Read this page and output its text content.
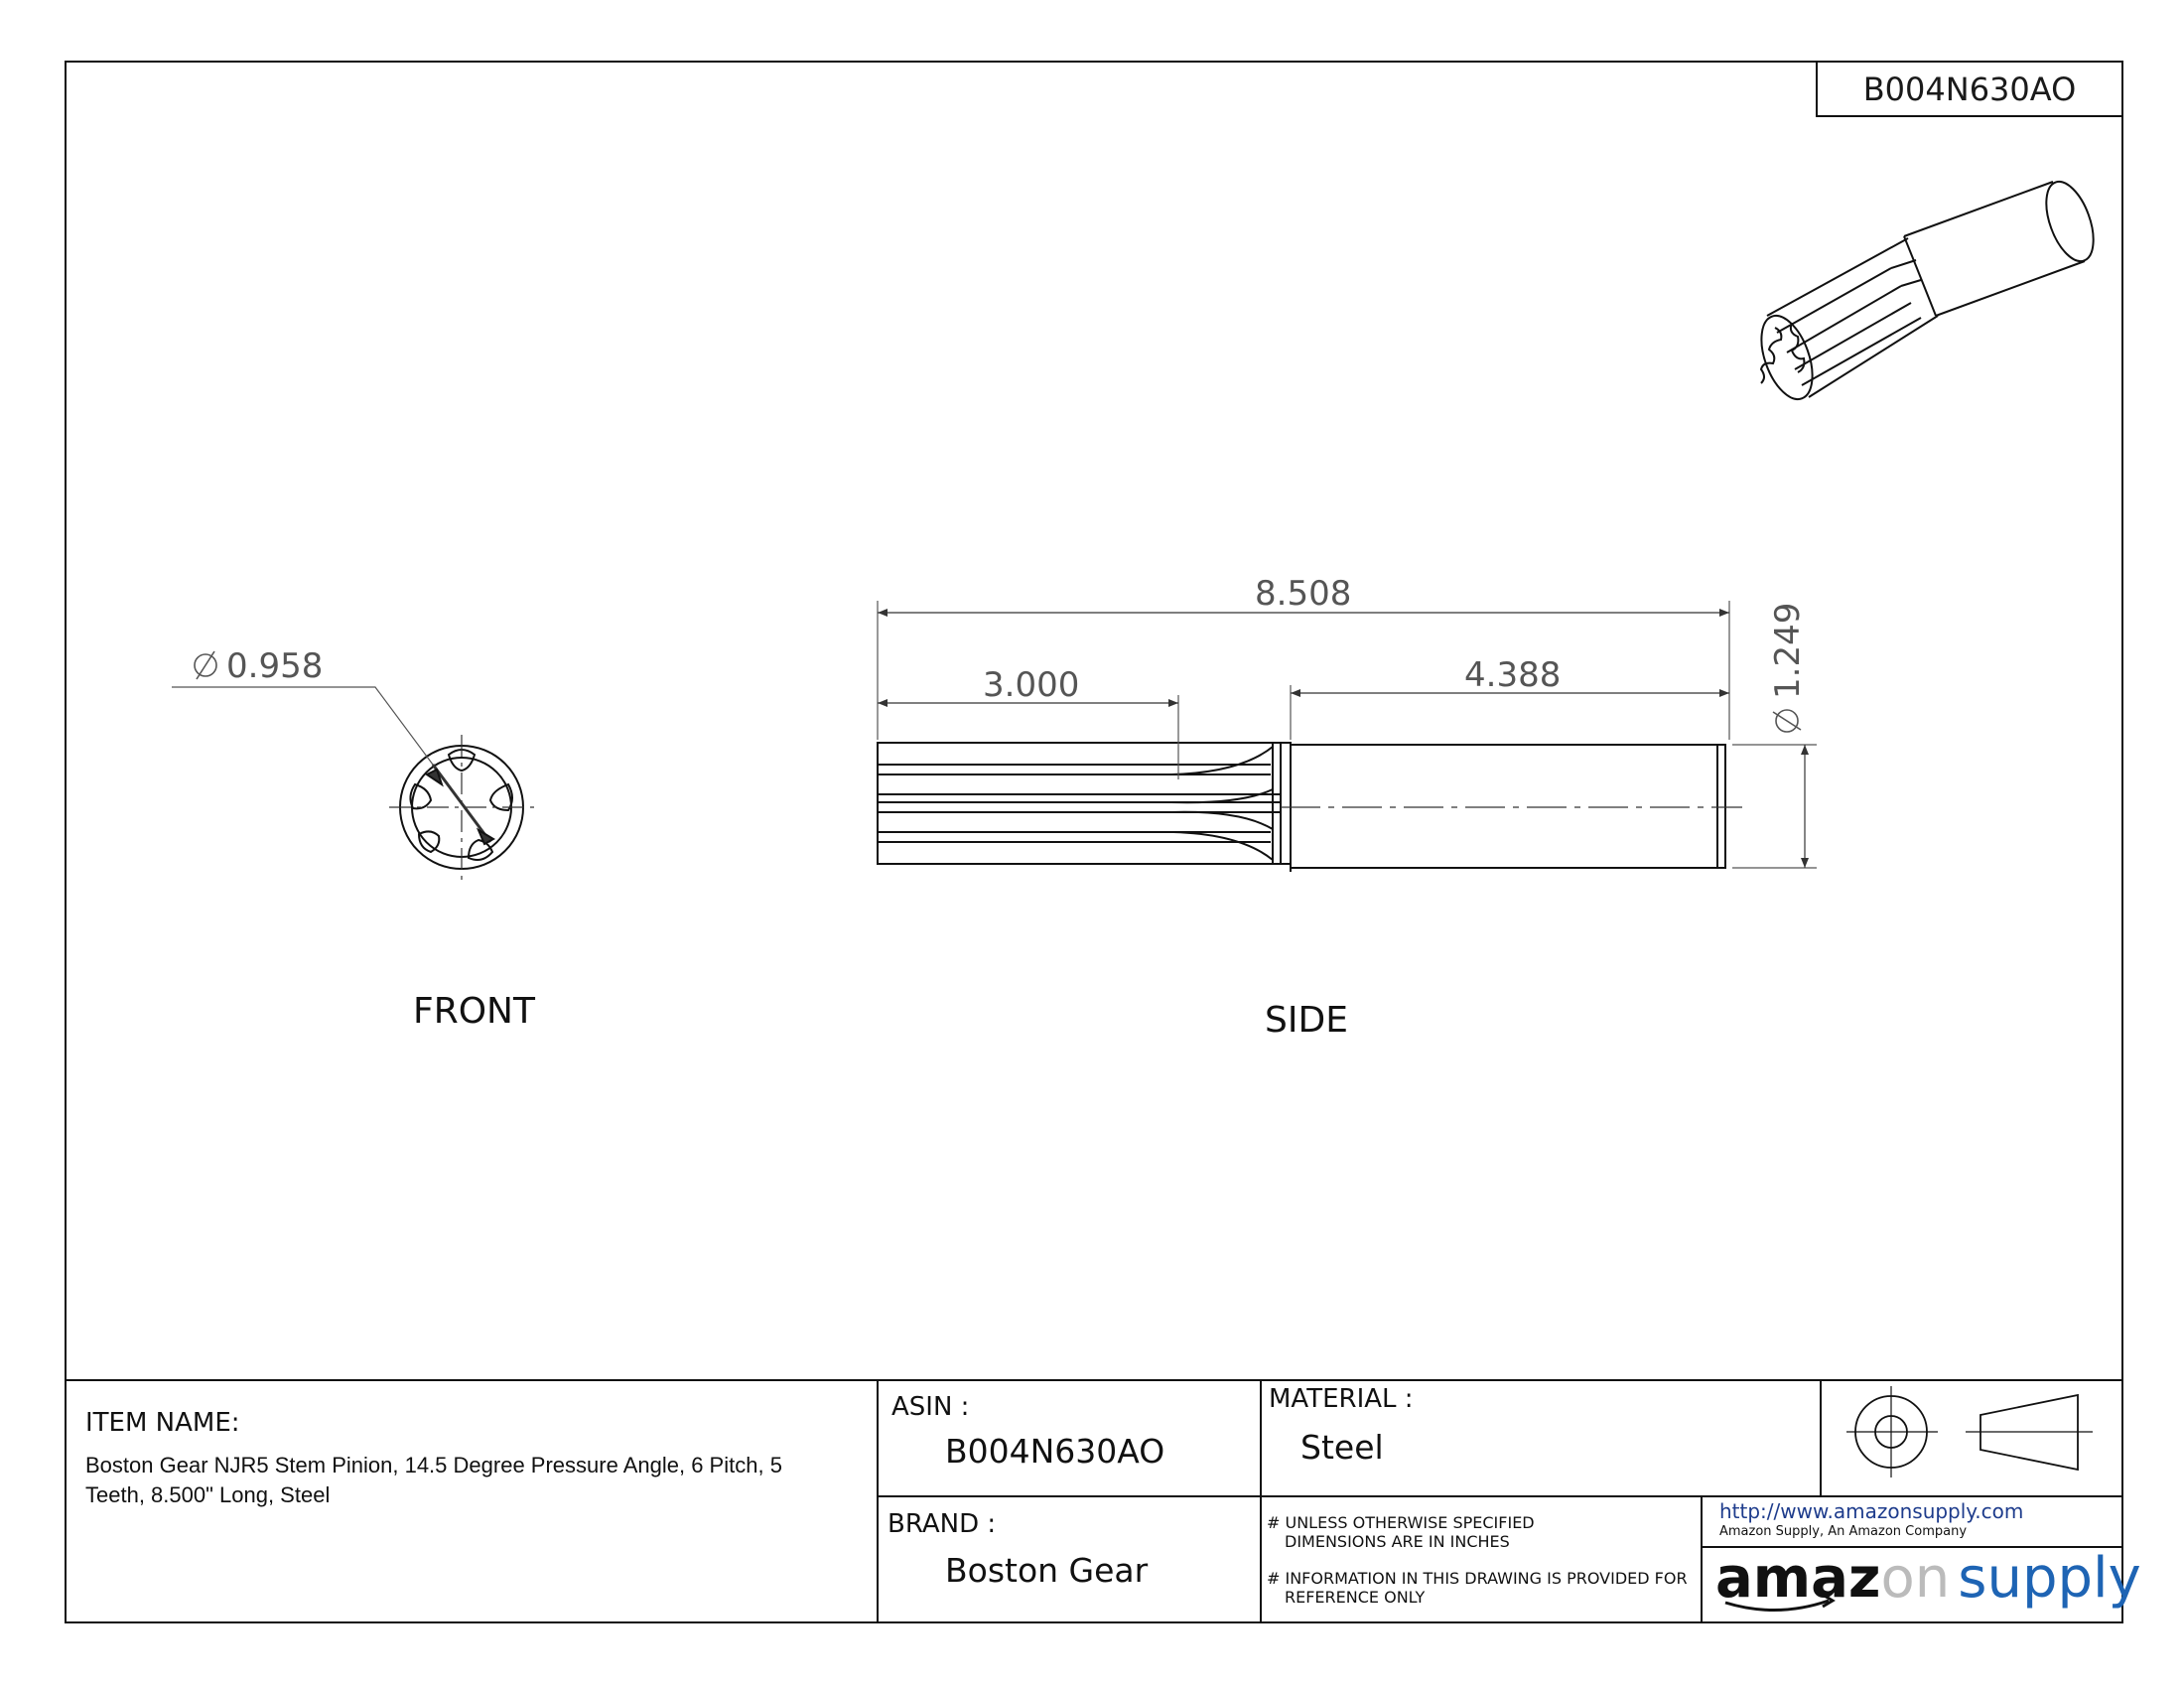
8.508
3.000	4.388
0.958	1.249
FRONT	SIDE
B004N630AO
ITEM NAME:
Boston Gear NJR5 Stem Pinion, 14.5 Degree Pressure Angle, 6 Pitch, 5 Teeth, 8.500" Long, Steel
ASIN :
B004N630AO
BRAND :
Boston Gear
MATERIAL :
Steel
# UNLESS OTHERWISE SPECIFIED
DIMENSIONS ARE IN INCHES
# INFORMATION IN THIS DRAWING IS PROVIDED FOR
REFERENCE ONLY
http://www.amazonsupply.com
Amazon Supply, An Amazon Company
amazon supply
